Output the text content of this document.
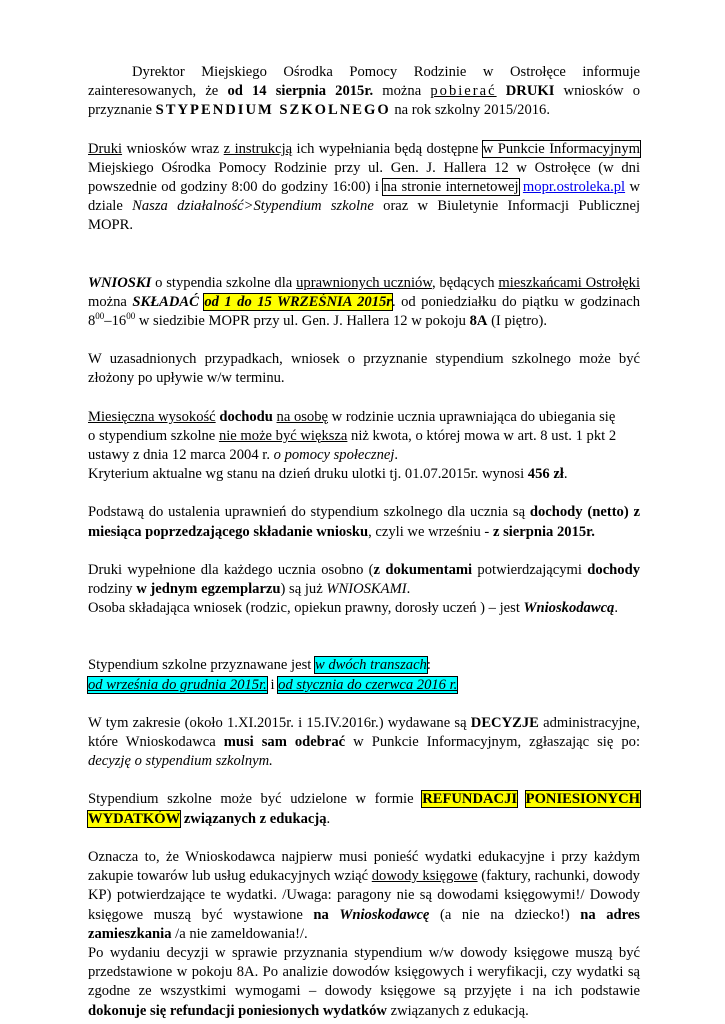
Dyrektor Miejskiego Ośrodka Pomocy Rodzinie w Ostrołęce informuje zainteresowanych, że od 14 sierpnia 2015r. można pobierać DRUKI wniosków o przyznanie STYPENDIUM SZKOLNEGO na rok szkolny 2015/2016.

Druki wniosków wraz z instrukcją ich wypełniania będą dostępne w Punkcie Informacyjnym Miejskiego Ośrodka Pomocy Rodzinie przy ul. Gen. J. Hallera 12 w Ostrołęce (w dni powszednie od godziny 8:00 do godziny 16:00) i na stronie internetowej mopr.ostroleka.pl w dziale Nasza działalność>Stypendium szkolne oraz w Biuletynie Informacji Publicznej MOPR.

WNIOSKI o stypendia szkolne dla uprawnionych uczniów, będących mieszkańcami Ostrołęki można SKŁADAĆ od 1 do 15 WRZEŚNIA 2015r. od poniedziałku do piątku w godzinach $8^{00}-16^{00}$ w siedzibie MOPR przy ul. Gen. J. Hallera 12 w pokoju 8A (I piętro).

W uzasadnionych przypadkach, wniosek o przyznanie stypendium szkolnego może być złożony po upływie w/w terminu.

Miesięczna wysokość dochodu na osobę w rodzinie ucznia uprawniająca do ubiegania się
o stypendium szkolne nie może być większa niż kwota, o której mowa w art. 8 ust. 1 pkt 2
ustawy z dnia 12 marca 2004 r. o pomocy społecznej.
Kryterium aktualne wg stanu na dzień druku ulotki tj. 01.07.2015r. wynosi 456 zł.

Podstawą do ustalenia uprawnień do stypendium szkolnego dla ucznia są dochody (netto) z miesiąca poprzedzającego składanie wniosku, czyli we wrześniu - z sierpnia 2015r.

Druki wypełnione dla każdego ucznia osobno (z dokumentami potwierdzającymi dochody rodziny w jednym egzemplarzu) są już WNIOSKAMI.

Osoba składająca wniosek (rodzic, opiekun prawny, dorosły uczeń ) – jest Wnioskodawcą.

Stypendium szkolne przyznawane jest w dwóch transzach:
od września do grudnia 2015r. i od stycznia do czerwca 2016 r.

W tym zakresie (około 1.XI.2015r. i 15.IV.2016r.) wydawane są DECYZJE administracyjne, które Wnioskodawca musi sam odebrać w Punkcie Informacyjnym, zgłaszając się po: decyzję o stypendium szkolnym.

Stypendium szkolne może być udzielone w formie REFUNDACJI PONIESIONYCH WYDATKÓW związanych z edukacją.

Oznacza to, że Wnioskodawca najpierw musi ponieść wydatki edukacyjne i przy każdym zakupie towarów lub usług edukacyjnych wziąć dowody księgowe (faktury, rachunki, dowody KP) potwierdzające te wydatki. /Uwaga: paragony nie są dowodami księgowymi!/ Dowody księgowe muszą być wystawione na Wnioskodawcę (a nie na dziecko!) na adres zamieszkania /a nie zameldowania!/.

Po wydaniu decyzji w sprawie przyznania stypendium w/w dowody księgowe muszą być przedstawione w pokoju 8A. Po analizie dowodów księgowych i weryfikacji, czy wydatki są zgodne ze wszystkimi wymogami – dowody księgowe są przyjęte i na ich podstawie dokonuje się refundacji poniesionych wydatków związanych z edukacją.
